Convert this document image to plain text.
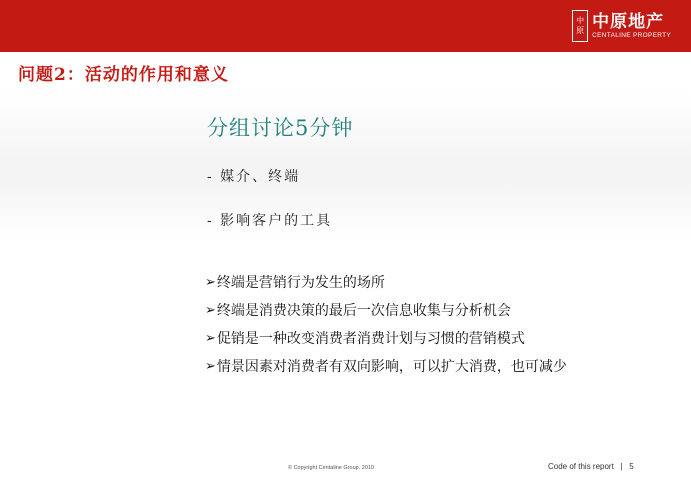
中
原 中原地产
CENTALINE PROPERTY
问题2：活动的作用和意义
分组讨论5分钟
- 媒介、终端
- 影响客户的工具
➢ 终端是营销行为发生的场所
➢ 终端是消费决策的最后一次信息收集与分析机会
➢ 促销是一种改变消费者消费计划与习惯的营销模式
➢ 情景因素对消费者有双向影响，可以扩大消费，也可减少
© Copyright Centaline Group. 2010	Code of this report | 5
